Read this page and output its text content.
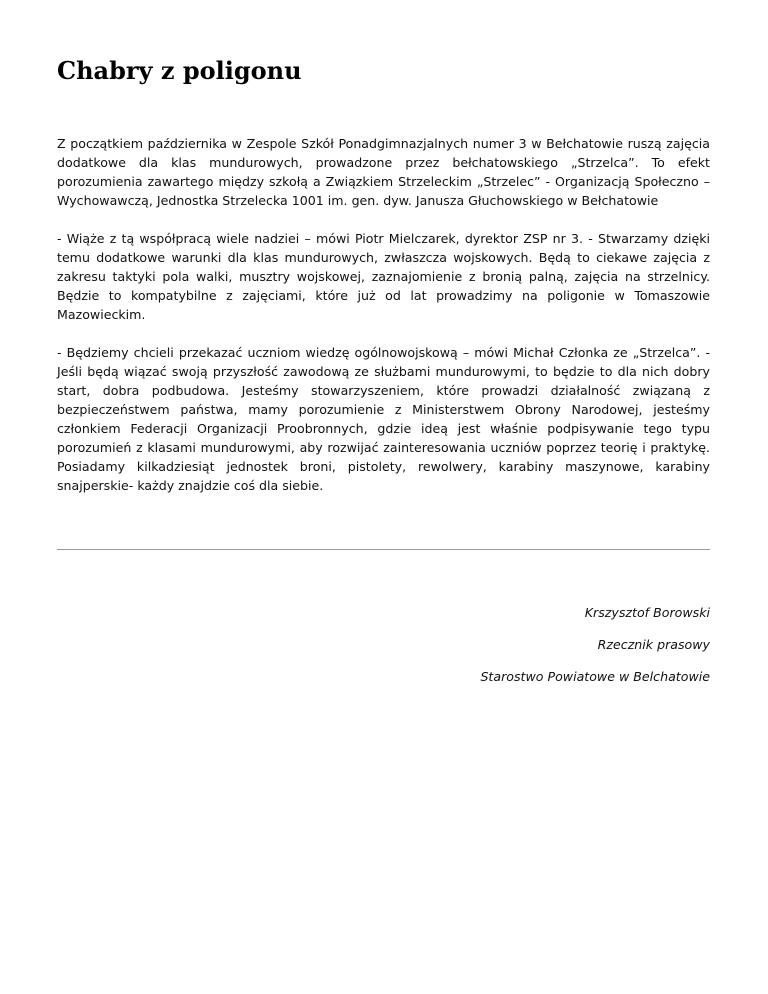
Chabry z poligonu

Z początkiem października w Zespole Szkół Ponadgimnazjalnych numer 3 w Bełchatowie ruszą zajęcia dodatkowe dla klas mundurowych, prowadzone przez bełchatowskiego „Strzelca”. To efekt porozumienia zawartego między szkołą a Związkiem Strzeleckim „Strzelec” - Organizacją Społeczno – Wychowawczą, Jednostka Strzelecka 1001 im. gen. dyw. Janusza Głuchowskiego w Bełchatowie

- Wiąże z tą współpracą wiele nadziei – mówi Piotr Mielczarek, dyrektor ZSP nr 3. - Stwarzamy dzięki temu dodatkowe warunki dla klas mundurowych, zwłaszcza wojskowych. Będą to ciekawe zajęcia z zakresu taktyki pola walki, musztry wojskowej, zaznajomienie z bronią palną, zajęcia na strzelnicy. Będzie to kompatybilne z zajęciami, które już od lat prowadzimy na poligonie w Tomaszowie Mazowieckim.

- Będziemy chcieli przekazać uczniom wiedzę ogólnowojskową – mówi Michał Członka ze „Strzelca”. - Jeśli będą wiązać swoją przyszłość zawodową ze służbami mundurowymi, to będzie to dla nich dobry start, dobra podbudowa. Jesteśmy stowarzyszeniem, które prowadzi działalność związaną z bezpieczeństwem państwa, mamy porozumienie z Ministerstwem Obrony Narodowej, jesteśmy członkiem Federacji Organizacji Proobronnych, gdzie ideą jest właśnie podpisywanie tego typu porozumień z klasami mundurowymi, aby rozwijać zainteresowania uczniów poprzez teorię i praktykę. Posiadamy kilkadziesiąt jednostek broni, pistolety, rewolwery, karabiny maszynowe, karabiny snajperskie- każdy znajdzie coś dla siebie.

Krszysztof Borowski
Rzecznik prasowy
Starostwo Powiatowe w Belchatowie
